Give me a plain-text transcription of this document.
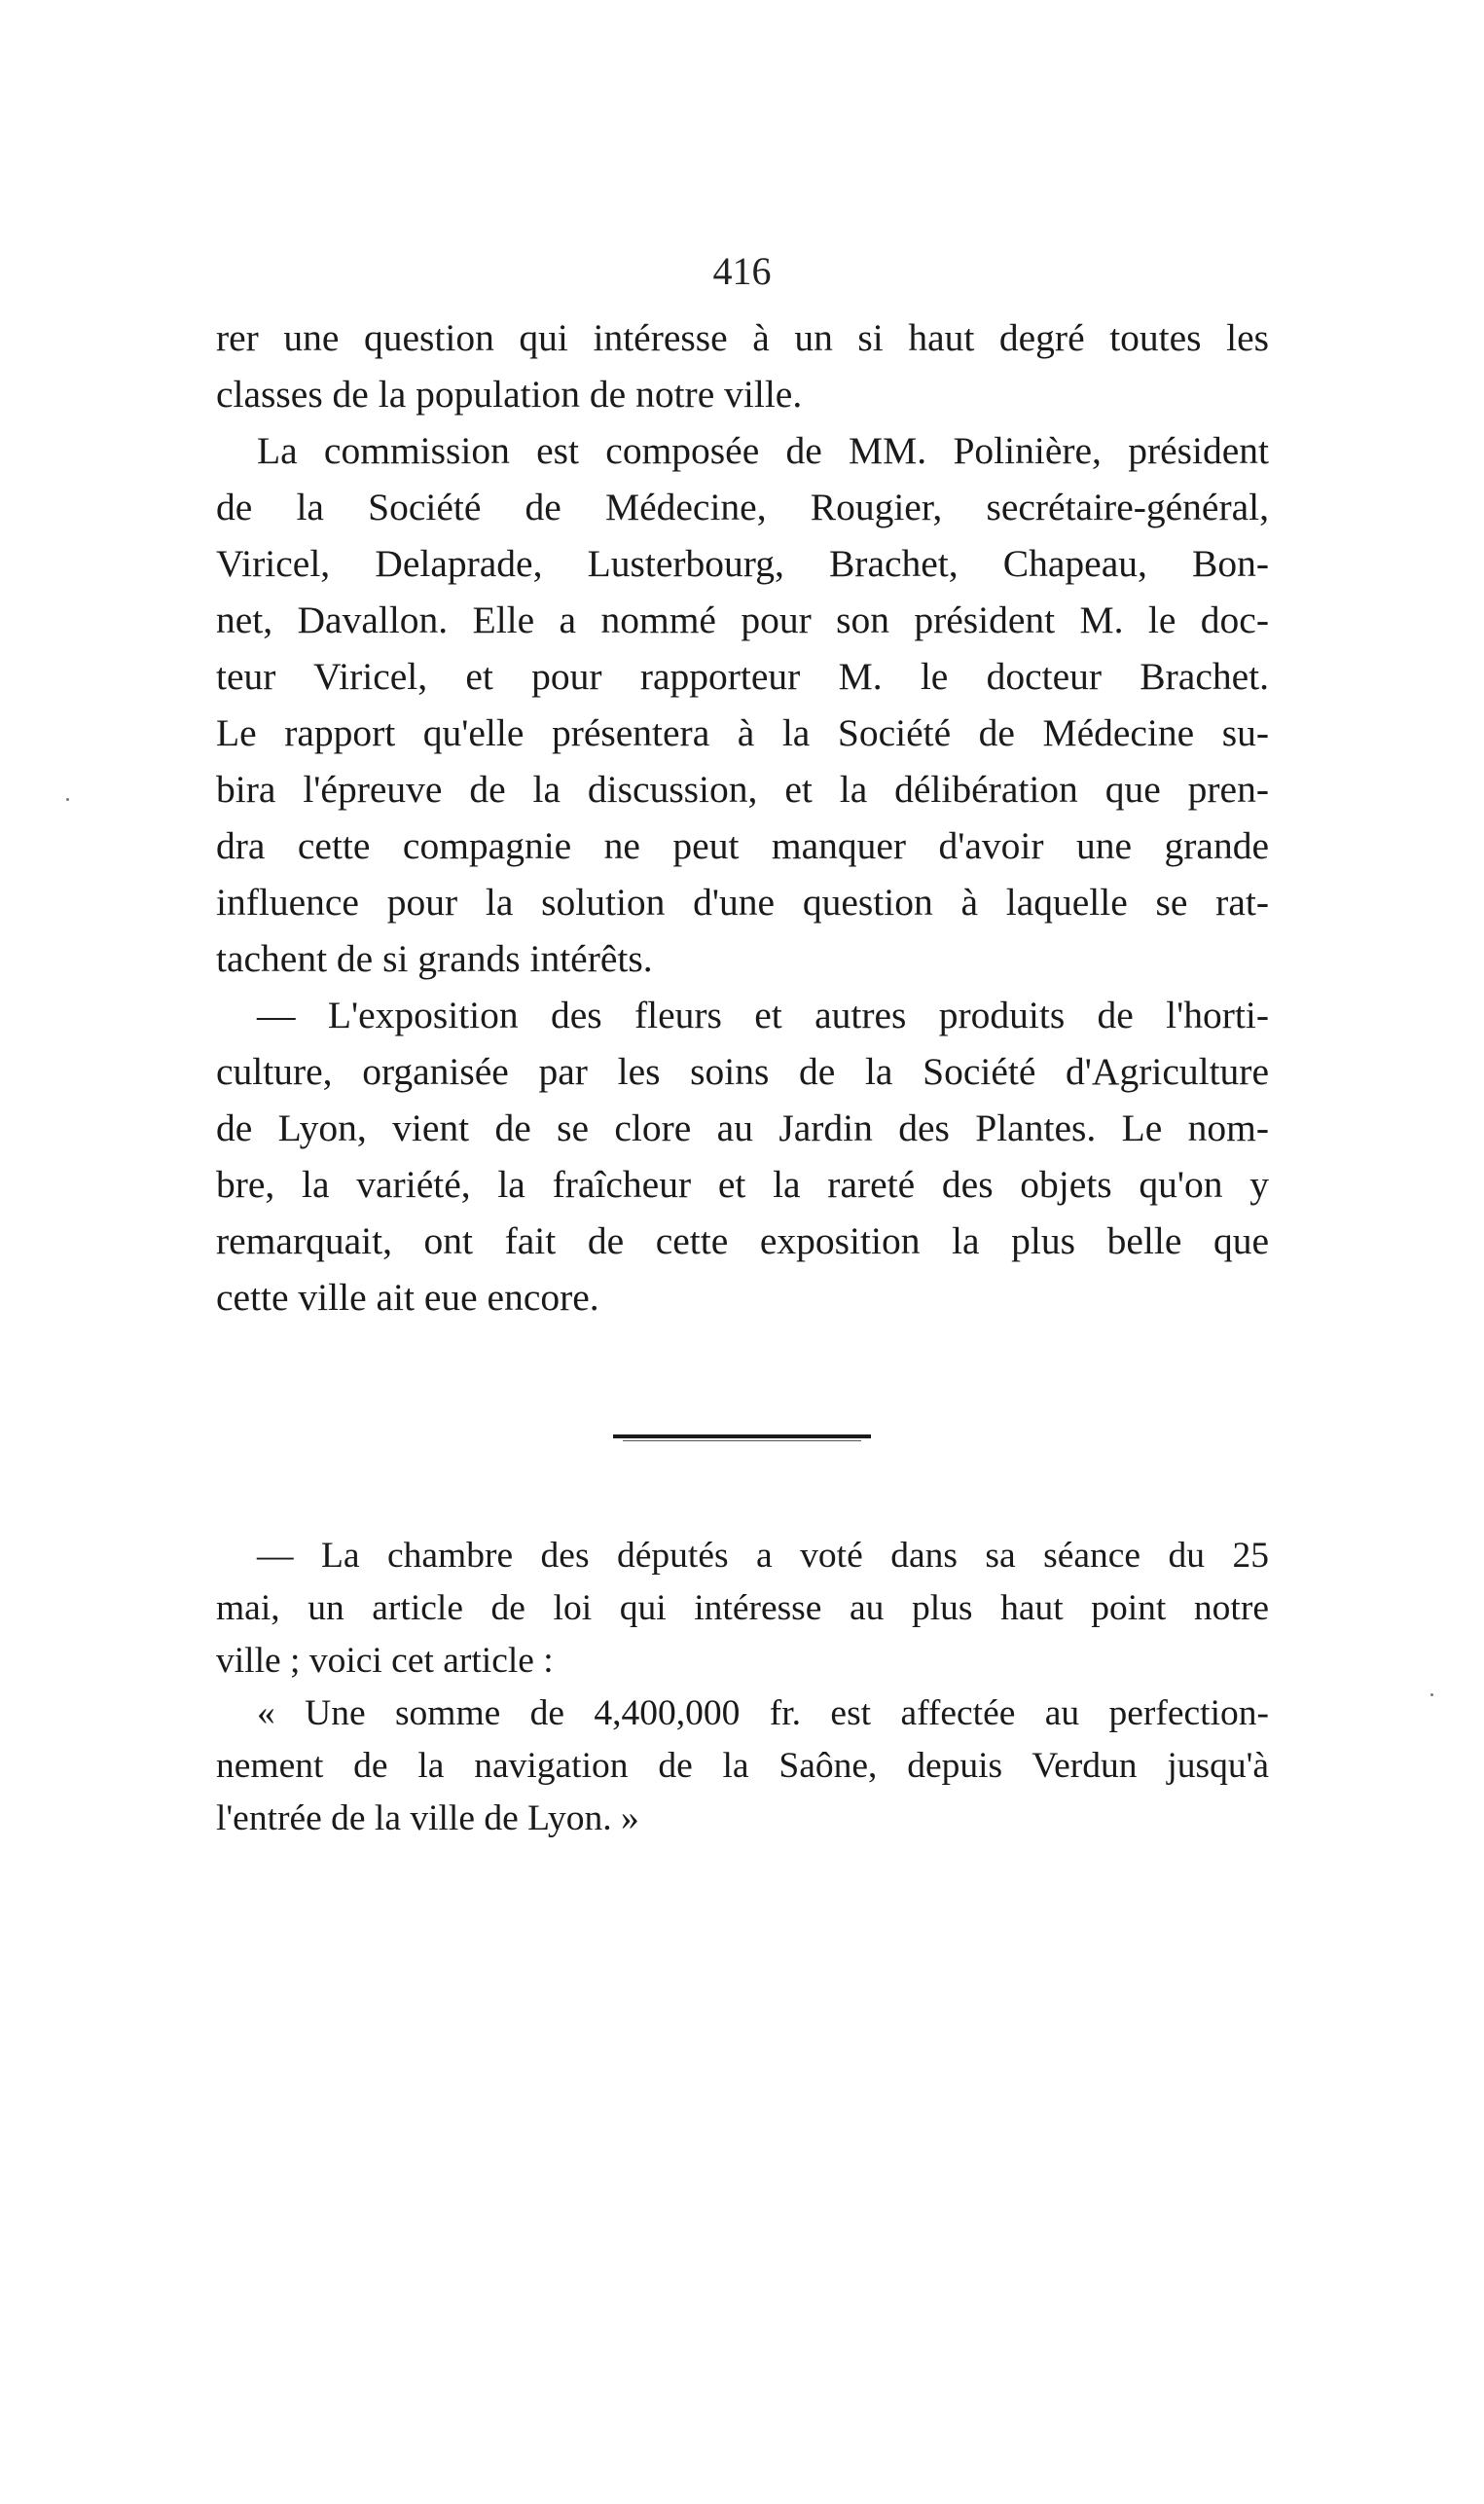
416
rer une question qui intéresse à un si haut degré toutes les
classes de la population de notre ville.
La commission est composée de MM. Polinière, président
de la Société de Médecine, Rougier, secrétaire-général,
Viricel, Delaprade, Lusterbourg, Brachet, Chapeau, Bon-
net, Davallon. Elle a nommé pour son président M. le doc-
teur Viricel, et pour rapporteur M. le docteur Brachet.
Le rapport qu'elle présentera à la Société de Médecine su-
bira l'épreuve de la discussion, et la délibération que pren-
dra cette compagnie ne peut manquer d'avoir une grande
influence pour la solution d'une question à laquelle se rat-
tachent de si grands intérêts.
— L'exposition des fleurs et autres produits de l'horti-
culture, organisée par les soins de la Société d'Agriculture
de Lyon, vient de se clore au Jardin des Plantes. Le nom-
bre, la variété, la fraîcheur et la rareté des objets qu'on y
remarquait, ont fait de cette exposition la plus belle que
cette ville ait eue encore.
— La chambre des députés a voté dans sa séance du 25
mai, un article de loi qui intéresse au plus haut point notre
ville ; voici cet article :
« Une somme de 4,400,000 fr. est affectée au perfection-
nement de la navigation de la Saône, depuis Verdun jusqu'à
l'entrée de la ville de Lyon. »
